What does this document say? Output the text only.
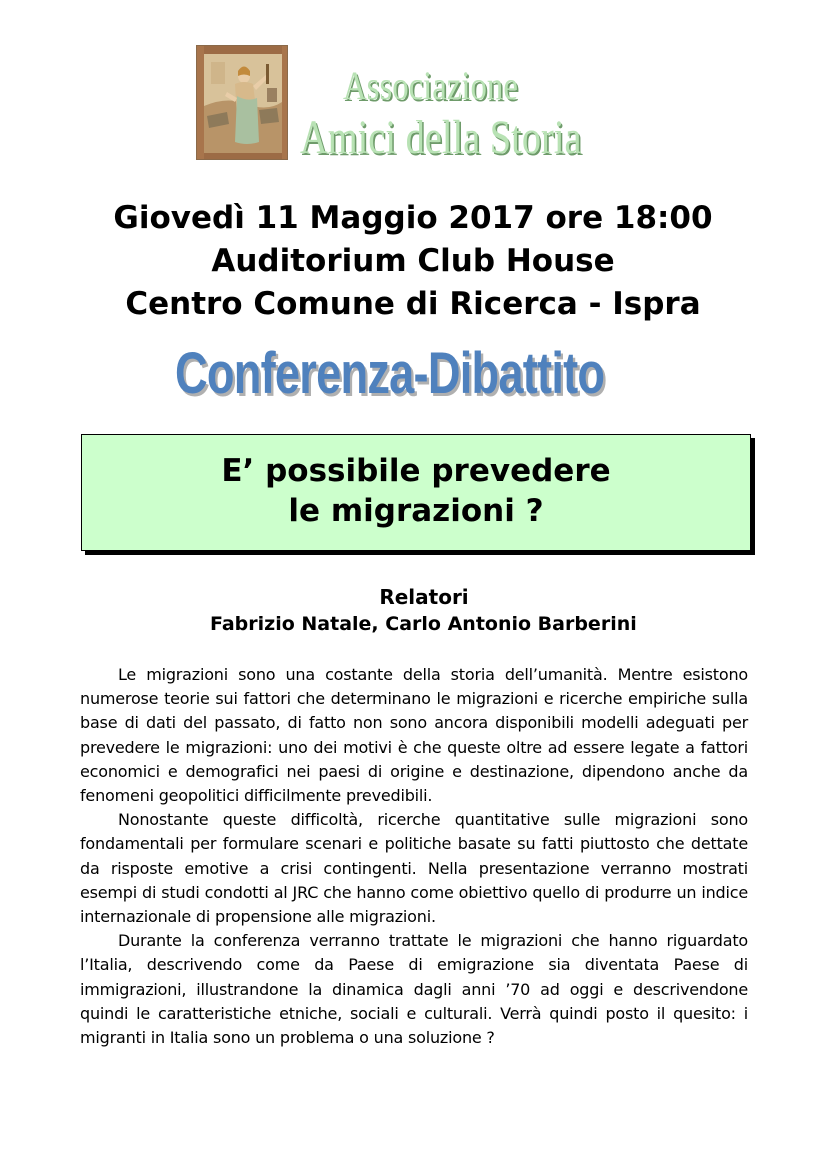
Associazione
Amici della Storia
Giovedì 11 Maggio 2017 ore 18:00
Auditorium Club House
Centro Comune di Ricerca - Ispra
Conferenza-Dibattito
E’ possibile prevedere
le migrazioni ?
Relatori
Fabrizio Natale, Carlo Antonio Barberini

Le migrazioni sono una costante della storia dell’umanità. Mentre esistono numerose teorie sui fattori che determinano le migrazioni e ricerche empiriche sulla base di dati del passato, di fatto non sono ancora disponibili modelli adeguati per prevedere le migrazioni: uno dei motivi è che queste oltre ad essere legate a fattori economici e demografici nei paesi di origine e destinazione, dipendono anche da fenomeni geopolitici difficilmente prevedibili.

Nonostante queste difficoltà, ricerche quantitative sulle migrazioni sono fondamentali per formulare scenari e politiche basate su fatti piuttosto che dettate da risposte emotive a crisi contingenti. Nella presentazione verranno mostrati esempi di studi condotti al JRC che hanno come obiettivo quello di produrre un indice internazionale di propensione alle migrazioni.

Durante la conferenza verranno trattate le migrazioni che hanno riguardato l’Italia, descrivendo come da Paese di emigrazione sia diventata Paese di immigrazioni, illustrandone la dinamica dagli anni ’70 ad oggi e descrivendone quindi le caratteristiche etniche, sociali e culturali. Verrà quindi posto il quesito: i migranti in Italia sono un problema o una soluzione ?
